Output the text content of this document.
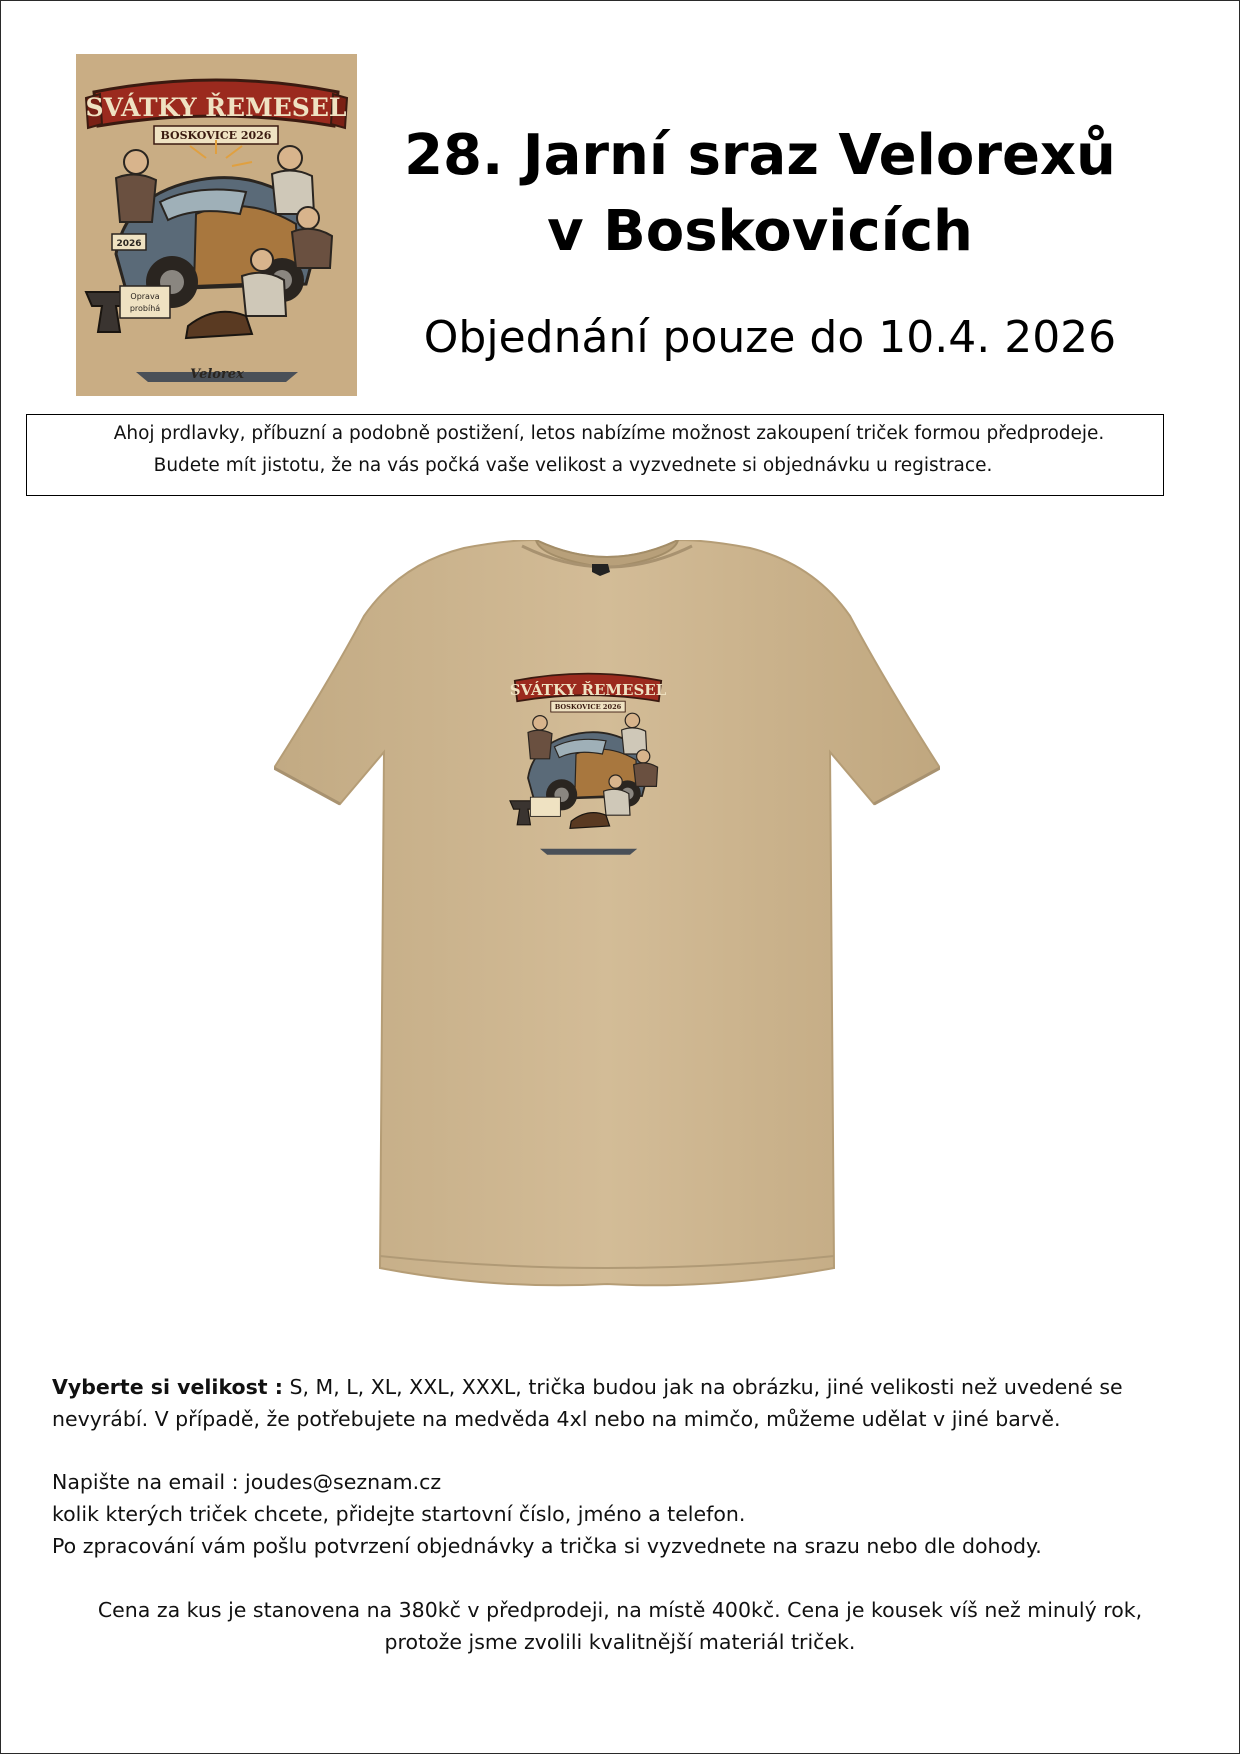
SVÁTKY ŘEMESEL
BOSKOVICE 2026
2026
Oprava
probíhá
Velorex
28. Jarní sraz Velorexů
v Boskovicích
Objednání pouze do 10.4. 2026
Ahoj prdlavky, příbuzní a podobně postižení, letos nabízíme možnost zakoupení triček formou předprodeje.
Budete mít jistotu, že na vás počká vaše velikost a vyzvednete si objednávku u registrace.
SVÁTKY ŘEMESEL
BOSKOVICE 2026
Vyberte si velikost : S, M, L, XL, XXL, XXXL, trička budou jak na obrázku, jiné velikosti než uvedené se
nevyrábí. V případě, že potřebujete na medvěda 4xl nebo na mimčo, můžeme udělat v jiné barvě.
Napište na email : joudes@seznam.cz
kolik kterých triček chcete, přidejte startovní číslo, jméno a telefon.
Po zpracování vám pošlu potvrzení objednávky a trička si vyzvednete na srazu nebo dle dohody.
Cena za kus je stanovena na 380kč v předprodeji, na místě 400kč. Cena je kousek víš než minulý rok,
protože jsme zvolili kvalitnější materiál triček.
